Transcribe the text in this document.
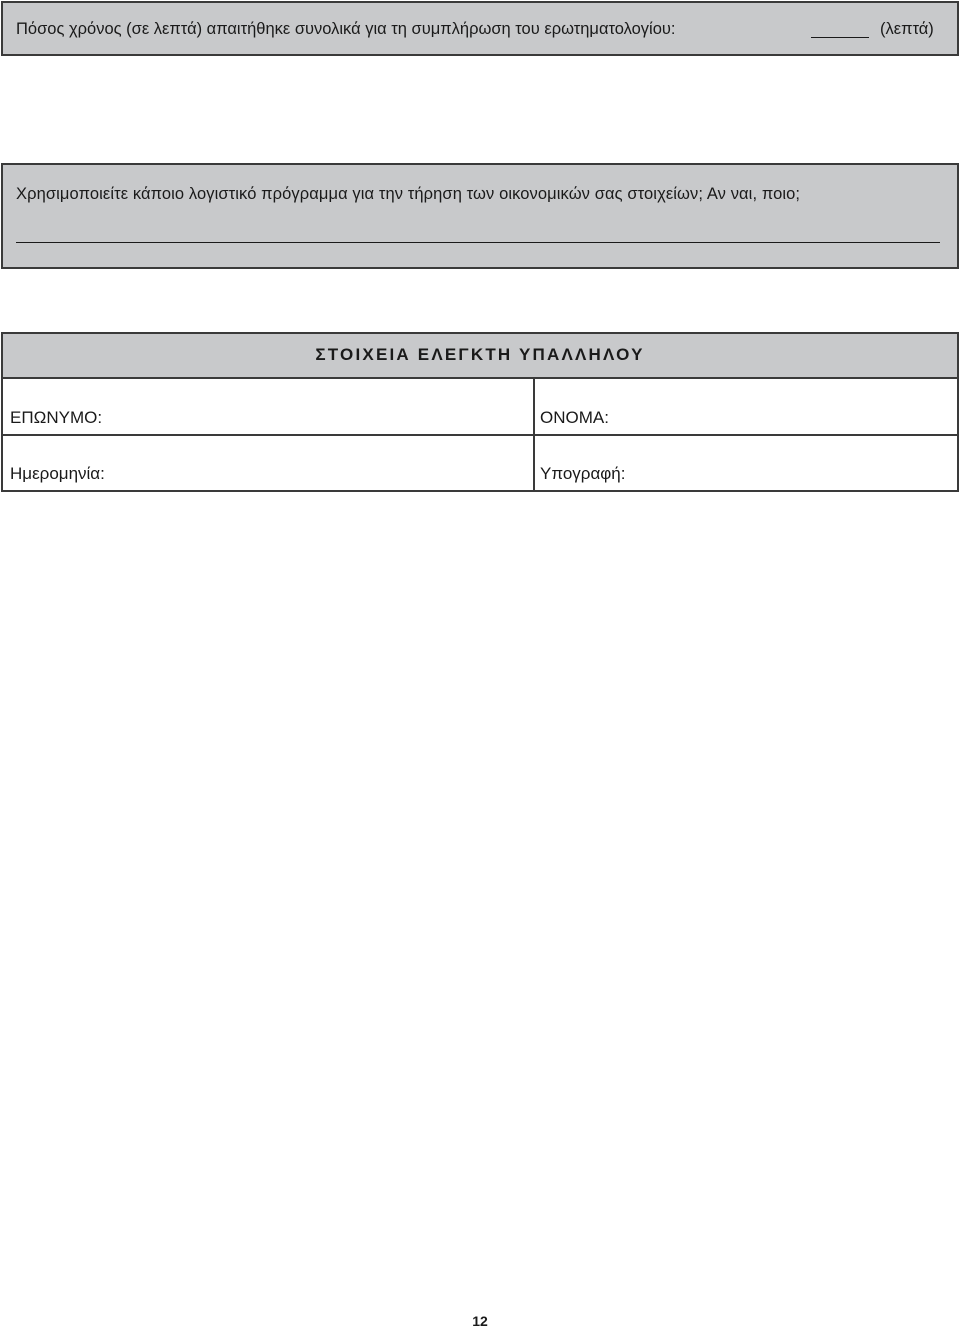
Πόσος χρόνος (σε λεπτά) απαιτήθηκε συνολικά για τη συμπλήρωση του ερωτηματολογίου:	(λεπτά)
Χρησιμοποιείτε κάποιο λογιστικό πρόγραμμα για την τήρηση των οικονομικών σας στοιχείων; Αν ναι, ποιο;
ΣΤΟΙΧΕΙΑ ΕΛΕΓΚΤΗ ΥΠΑΛΛΗΛΟΥ
ΕΠΩΝΥΜΟ:	ΟΝΟΜΑ:
Ημερομηνία:	Υπογραφή:
12
